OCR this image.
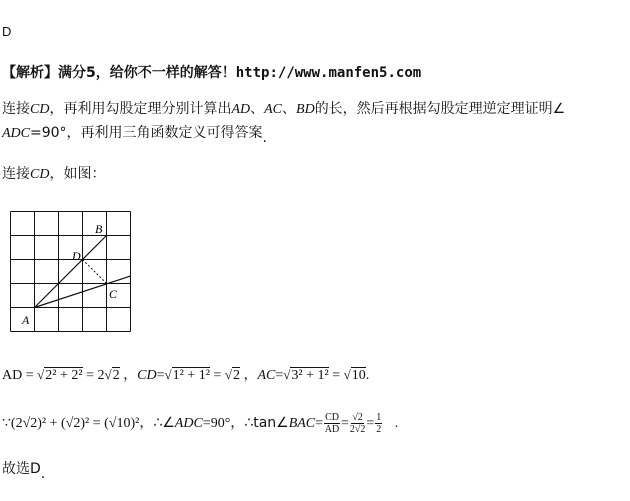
D
【解析】满分5，给你不一样的解答！http://www.manfen5.com
连接CD，再利用勾股定理分别计算出AD、AC、BD的长，然后再根据勾股定理逆定理证明∠
ADC=90°，再利用三角函数定义可得答案.
连接CD，如图：
B
D
C
A
AD = √2² + 2² = 2√2 ，CD=√1² + 1² = √2 ，AC=√3² + 1² = √10.
∵(2√2)² + (√2)² = (√10)²，∴∠ADC=90°，∴tan∠BAC= $\frac{CD}{AD} = \frac{√2}{2√2} = \frac{1}{2}$ .
故选D.
